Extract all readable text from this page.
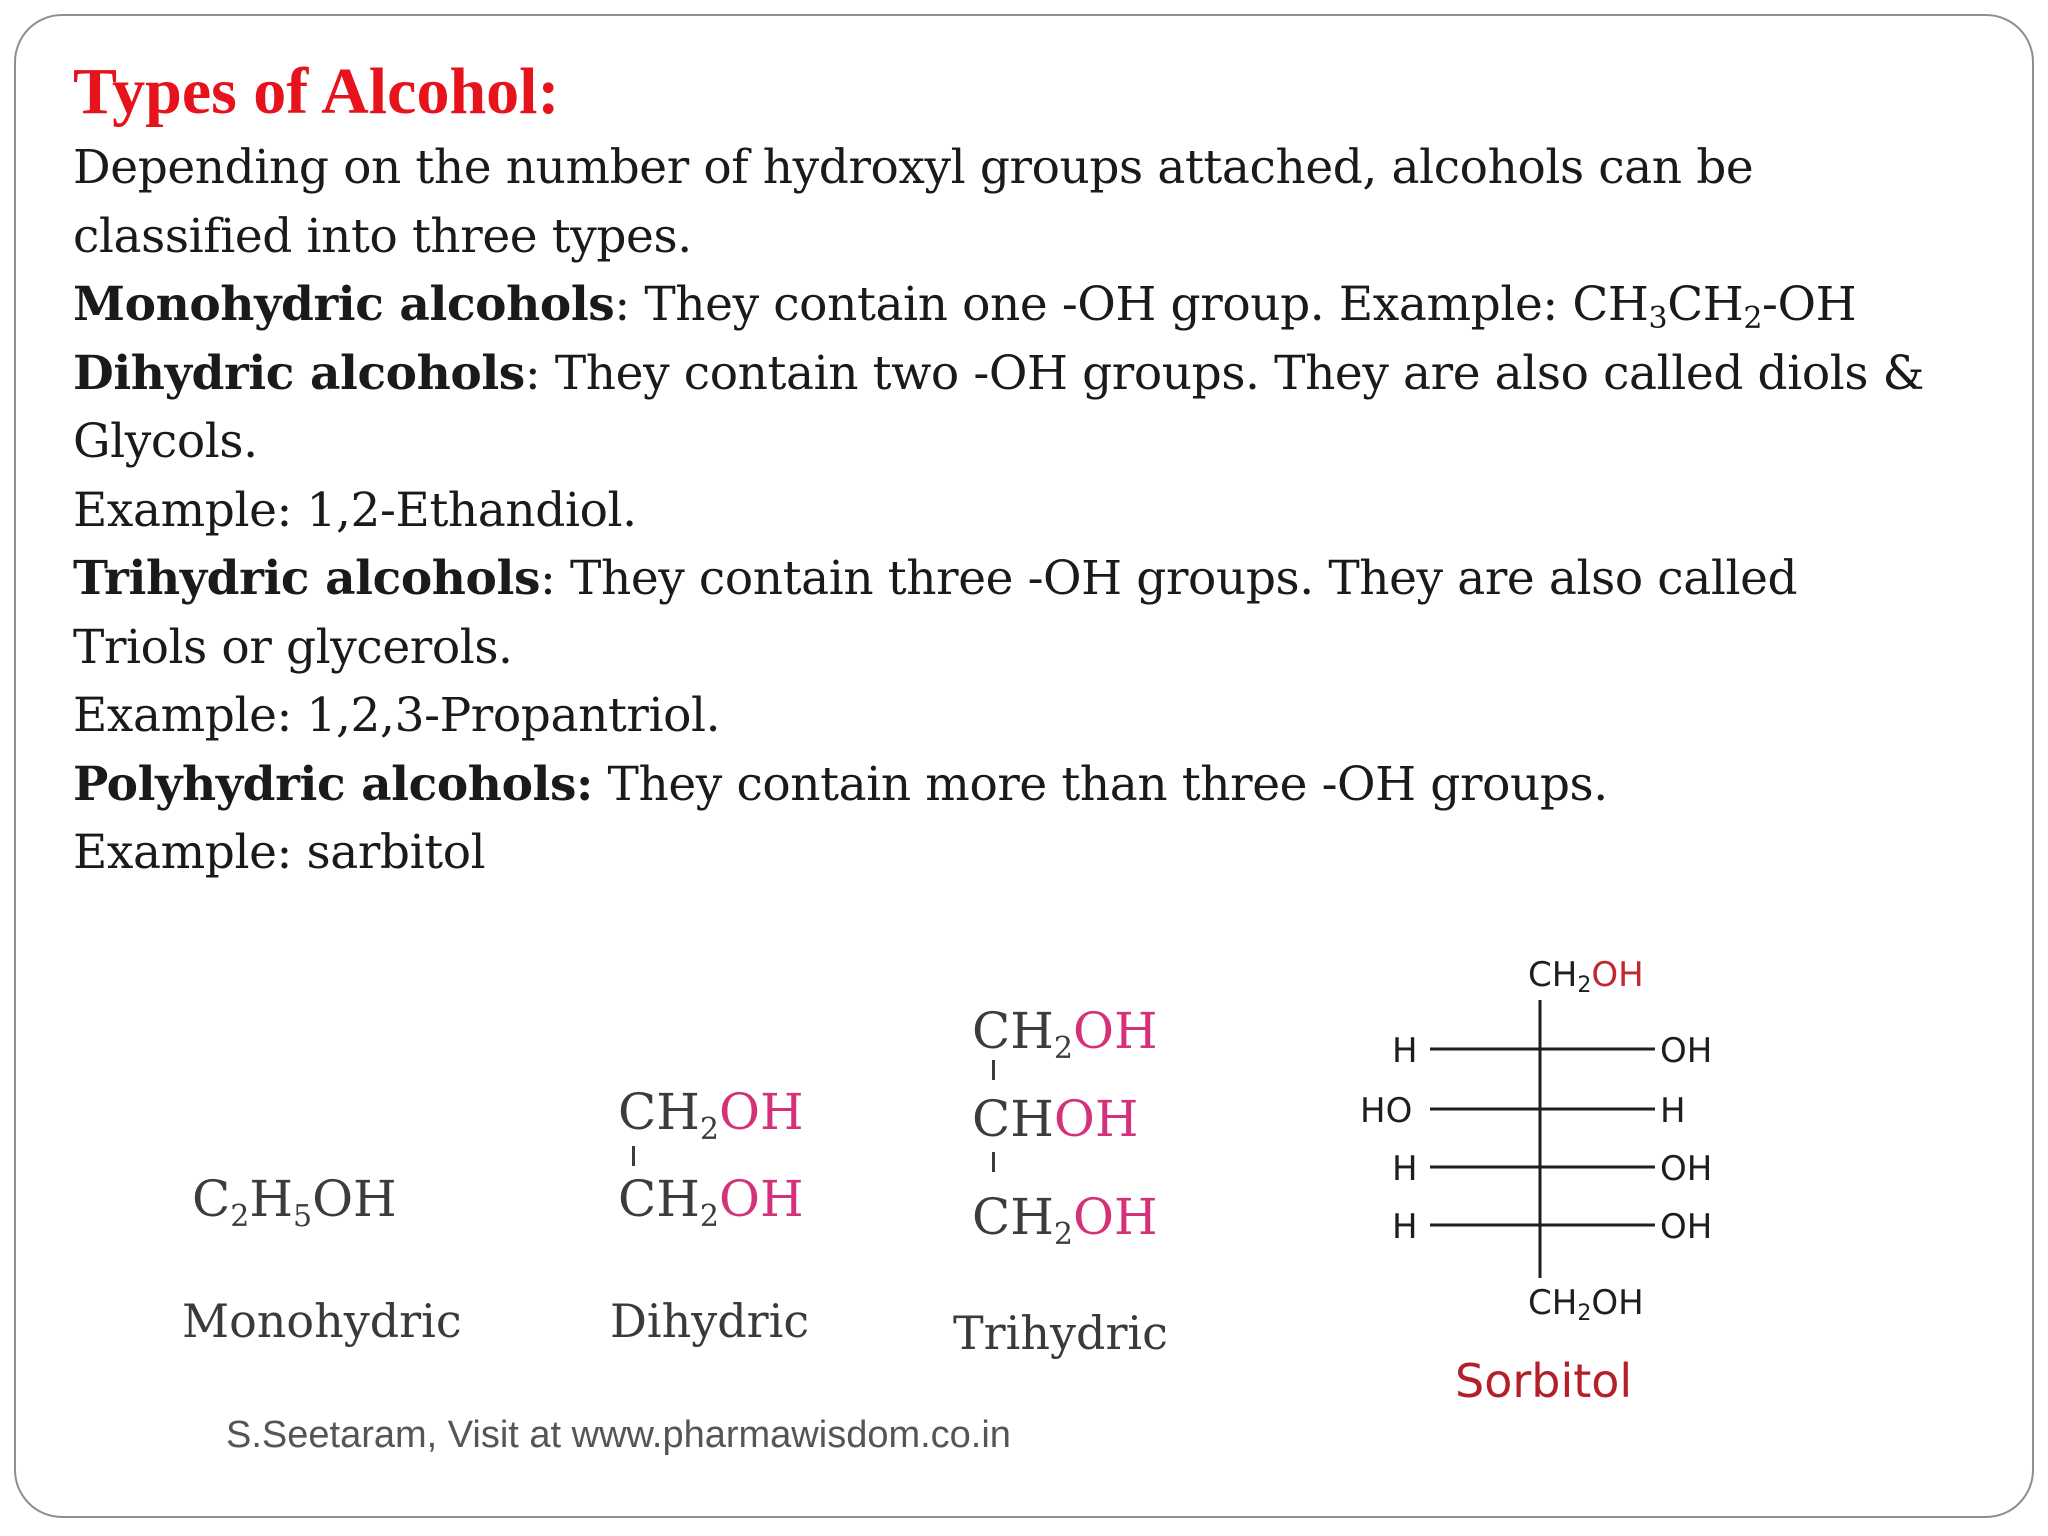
Types of Alcohol:

Depending on the number of hydroxyl groups attached, alcohols can be

classified into three types.

Monohydric alcohols: They contain one -OH group. Example: $CH_3CH_2-OH$

Dihydric alcohols: They contain two -OH groups. They are also called diols &

Glycols.

Example: 1,2-Ethandiol.

Trihydric alcohols: They contain three -OH groups. They are also called

Triols or glycerols.

Example: 1,2,3-Propantriol.

Polyhydric alcohols: They contain more than three -OH groups.

Example: sarbitol

$C_2H_5OH$
Monohydric
$CH_2OH$
$CH_2OH$
Dihydric
$CH_2OH$
CHOH
$CH_2OH$
Trihydric
$CH_2OH$
H	OH
HO	H
H	OH
H	OH
$CH_2OH$
Sorbitol
S.Seetaram, Visit at www.pharmawisdom.co.in
